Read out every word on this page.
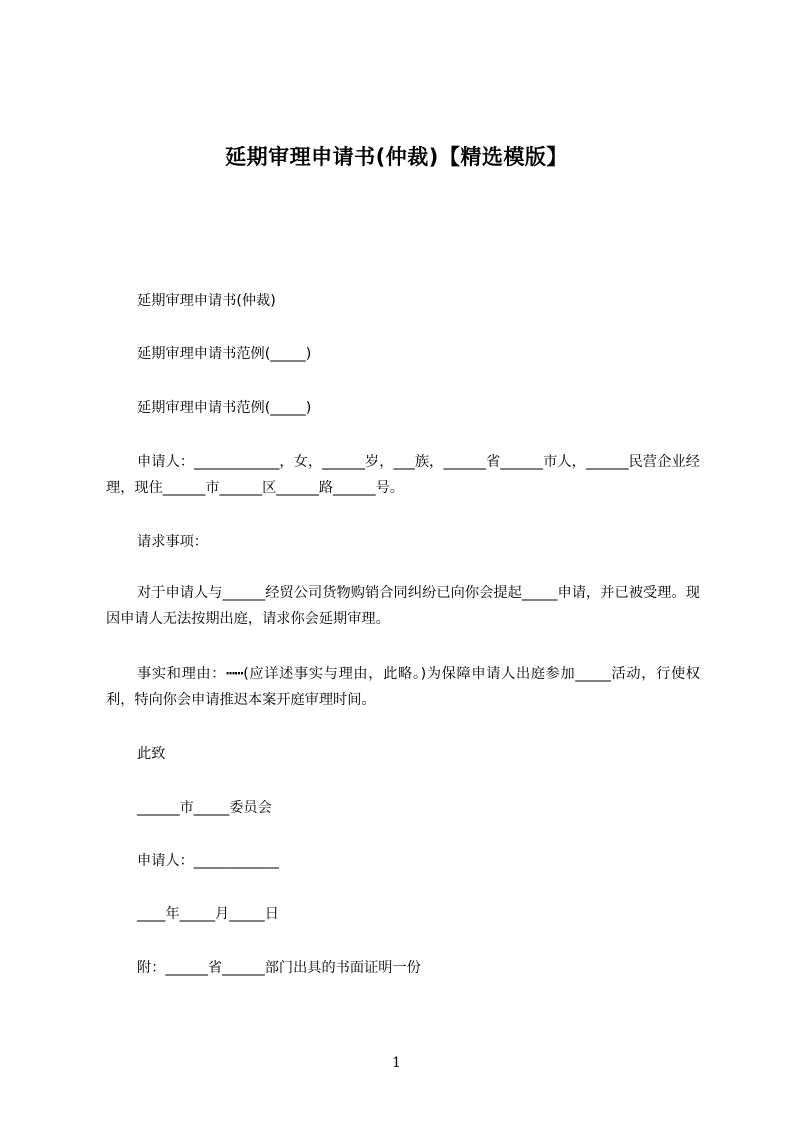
延期审理申请书(仲裁)【精选模版】

延期审理申请书(仲裁)

延期审理申请书范例(_____)

延期审理申请书范例(_____)

申请人：____________，女，______岁，___族，______省______市人，______民营企业经理，现住______市______区______路______号。

请求事项：

对于申请人与______经贸公司货物购销合同纠纷已向你会提起_____申请，并已被受理。现因申请人无法按期出庭，请求你会延期审理。

事实和理由：┅┅(应详述事实与理由，此略。)为保障申请人出庭参加_____活动，行使权利，特向你会申请推迟本案开庭审理时间。

此致

______市_____委员会

申请人：____________

____年_____月_____日

附：______省______部门出具的书面证明一份

1
